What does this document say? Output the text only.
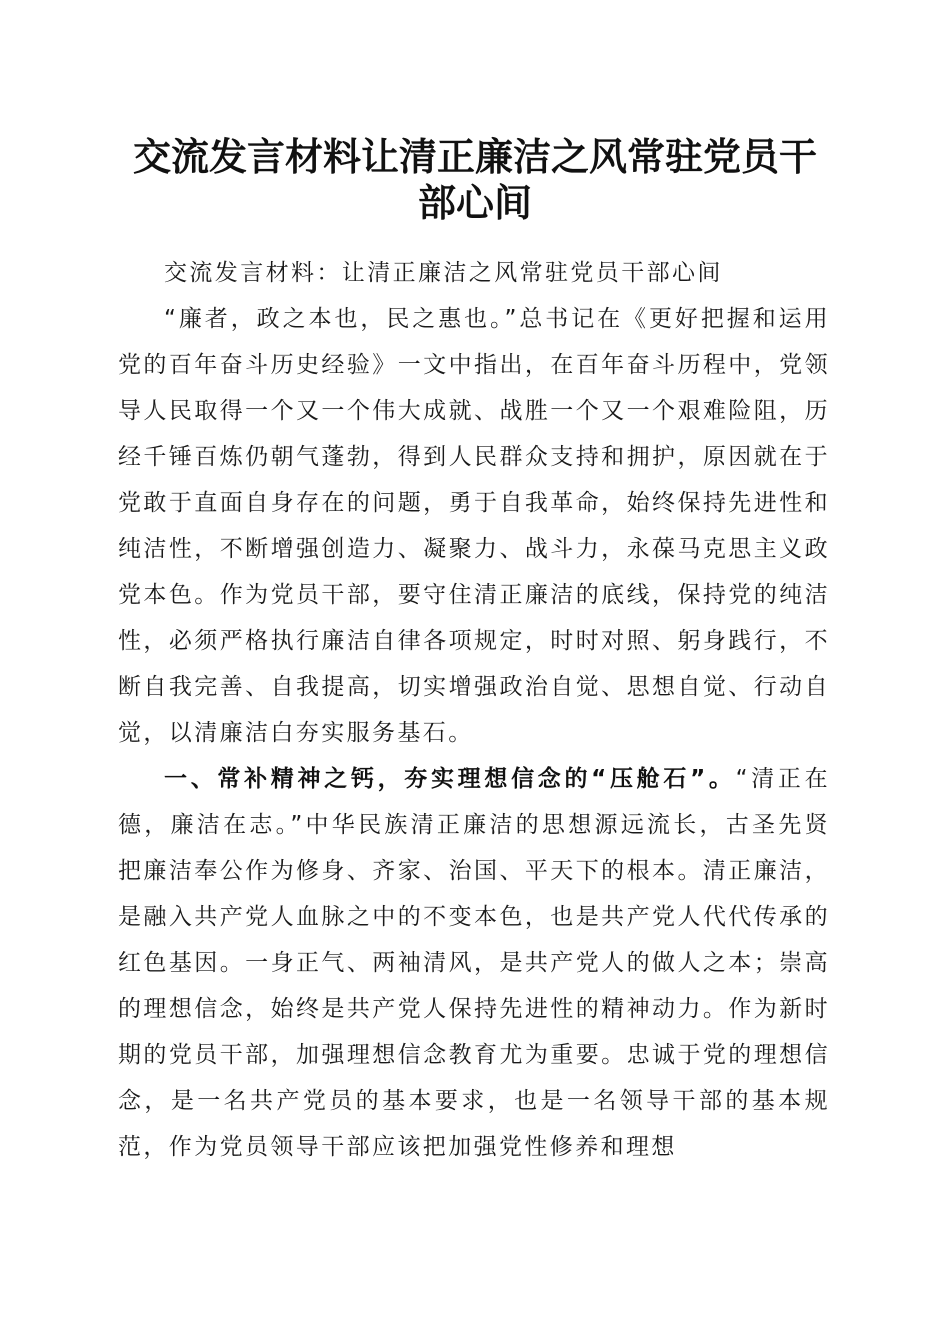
交流发言材料让清正廉洁之风常驻党员干部心间

交流发言材料：让清正廉洁之风常驻党员干部心间

“廉者，政之本也，民之惠也。”总书记在《更好把握和运用党的百年奋斗历史经验》一文中指出，在百年奋斗历程中，党领导人民取得一个又一个伟大成就、战胜一个又一个艰难险阻，历经千锤百炼仍朝气蓬勃，得到人民群众支持和拥护，原因就在于党敢于直面自身存在的问题，勇于自我革命，始终保持先进性和纯洁性，不断增强创造力、凝聚力、战斗力，永葆马克思主义政党本色。作为党员干部，要守住清正廉洁的底线，保持党的纯洁性，必须严格执行廉洁自律各项规定，时时对照、躬身践行，不断自我完善、自我提高，切实增强政治自觉、思想自觉、行动自觉，以清廉洁白夯实服务基石。

一、常补精神之钙，夯实理想信念的“压舱石”。“清正在德，廉洁在志。”中华民族清正廉洁的思想源远流长，古圣先贤把廉洁奉公作为修身、齐家、治国、平天下的根本。清正廉洁，是融入共产党人血脉之中的不变本色，也是共产党人代代传承的红色基因。一身正气、两袖清风，是共产党人的做人之本；崇高的理想信念，始终是共产党人保持先进性的精神动力。作为新时期的党员干部，加强理想信念教育尤为重要。忠诚于党的理想信念，是一名共产党员的基本要求，也是一名领导干部的基本规范，作为党员领导干部应该把加强党性修养和理想
